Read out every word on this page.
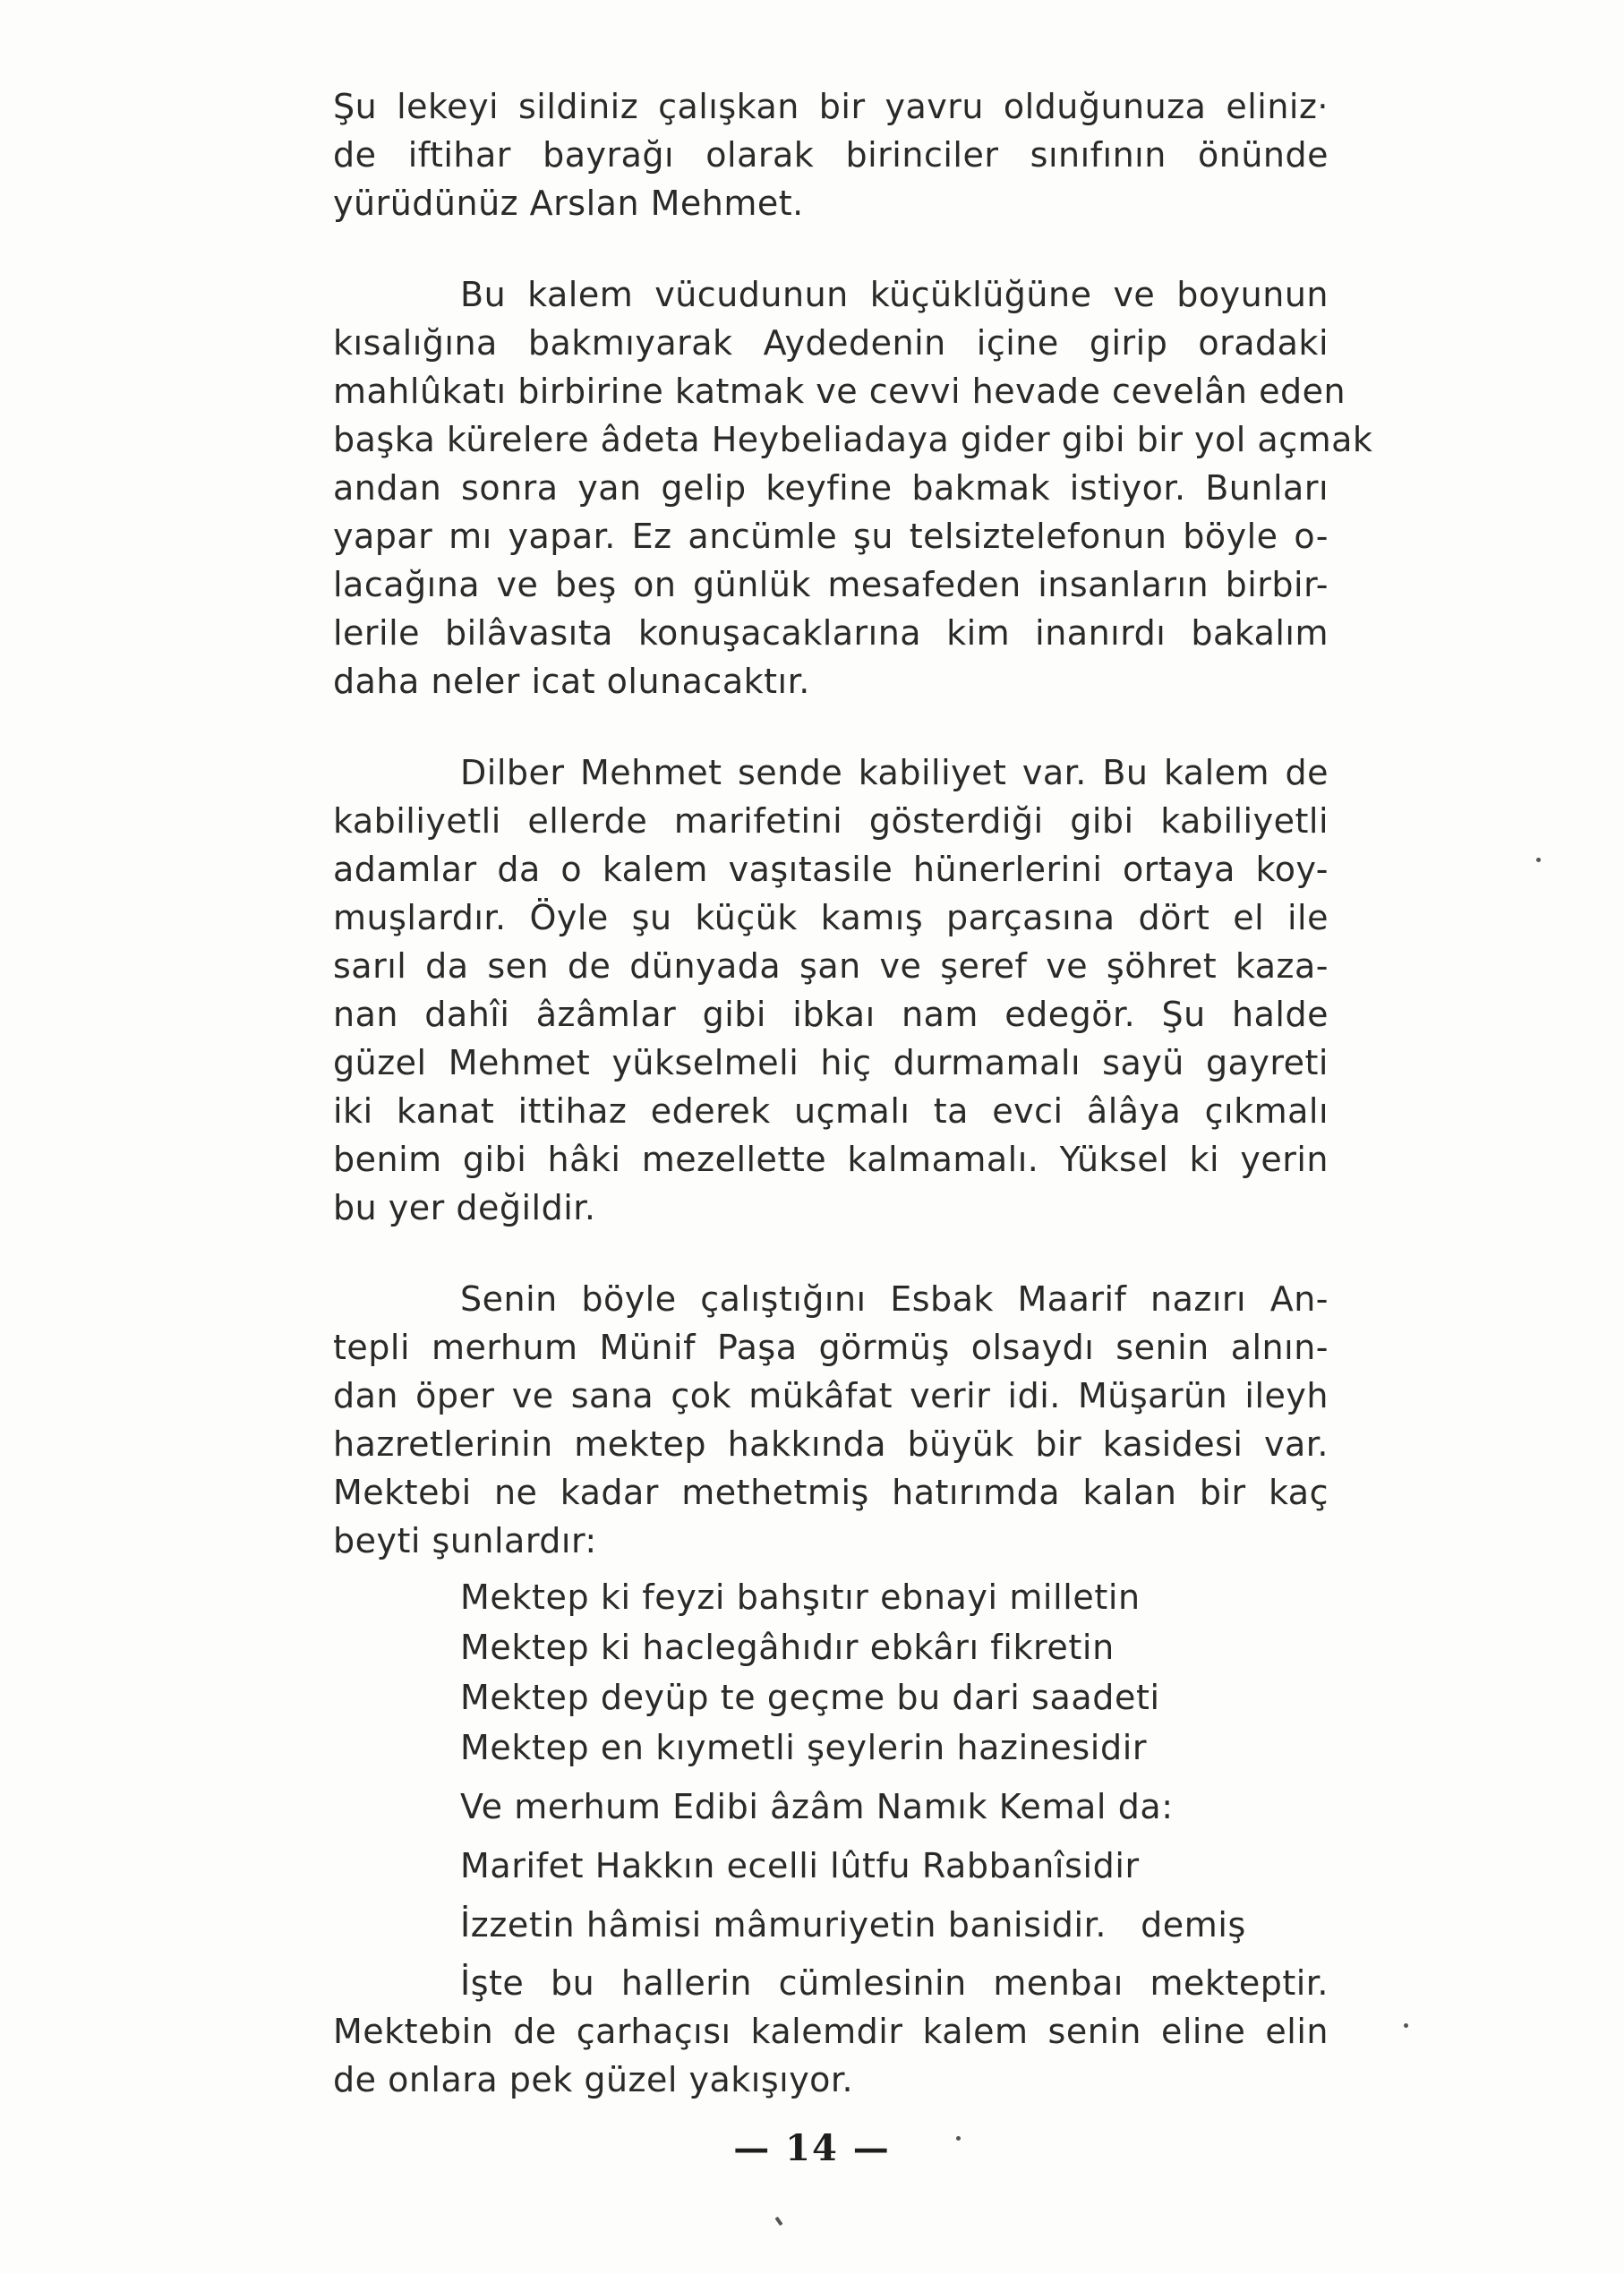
Şu lekeyi sildiniz çalışkan bir yavru olduğunuza eliniz·
de iftihar bayrağı olarak birinciler sınıfının önünde
yürüdünüz Arslan Mehmet.
Bu kalem vücudunun küçüklüğüne ve boyunun
kısalığına bakmıyarak Aydedenin içine girip oradaki
mahlûkatı birbirine katmak ve cevvi hevade cevelân eden
başka kürelere âdeta Heybeliadaya gider gibi bir yol açmak
andan sonra yan gelip keyfine bakmak istiyor. Bunları
yapar mı yapar. Ez ancümle şu telsiztelefonun böyle o-
lacağına ve beş on günlük mesafeden insanların birbir-
lerile bilâvasıta konuşacaklarına kim inanırdı bakalım
daha neler icat olunacaktır.
Dilber Mehmet sende kabiliyet var. Bu kalem de
kabiliyetli ellerde marifetini gösterdiği gibi kabiliyetli
adamlar da o kalem vaşıtasile hünerlerini ortaya koy-
muşlardır. Öyle şu küçük kamış parçasına dört el ile
sarıl da sen de dünyada şan ve şeref ve şöhret kaza-
nan dahîi âzâmlar gibi ibkaı nam edegör. Şu halde
güzel Mehmet yükselmeli hiç durmamalı sayü gayreti
iki kanat ittihaz ederek uçmalı ta evci âlâya çıkmalı
benim gibi hâki mezellette kalmamalı. Yüksel ki yerin
bu yer değildir.
Senin böyle çalıştığını Esbak Maarif nazırı An-
tepli merhum Münif Paşa görmüş olsaydı senin alnın-
dan öper ve sana çok mükâfat verir idi. Müşarün ileyh
hazretlerinin mektep hakkında büyük bir kasidesi var.
Mektebi ne kadar methetmiş hatırımda kalan bir kaç
beyti şunlardır:
Mektep ki feyzi bahşıtır ebnayi milletin
Mektep ki haclegâhıdır ebkârı fikretin
Mektep deyüp te geçme bu dari saadeti
Mektep en kıymetli şeylerin hazinesidir
Ve merhum Edibi âzâm Namık Kemal da:
Marifet Hakkın ecelli lûtfu Rabbanîsidir
İzzetin hâmisi mâmuriyetin banisidir.   demiş
İşte bu hallerin cümlesinin menbaı mekteptir.
Mektebin de çarhaçısı kalemdir kalem senin eline elin
de onlara pek güzel yakışıyor.
— 14 —
